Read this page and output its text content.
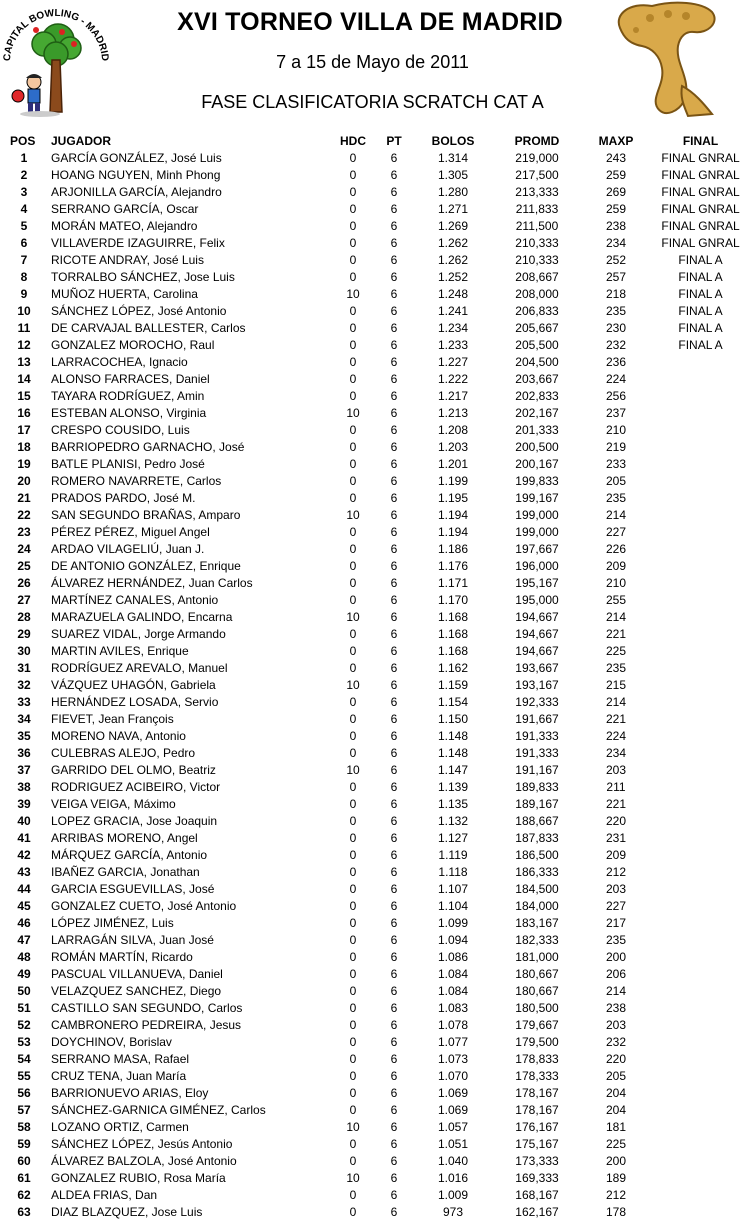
CAPITAL BOWLING - MADRID
XVI TORNEO VILLA DE MADRID
7 a 15 de Mayo de 2011
FASE CLASIFICATORIA SCRATCH CAT A
POS	JUGADOR	HDC	PT	BOLOS	PROMD	MAXP	FINAL
1	GARCÍA GONZÁLEZ, José Luis	0	6	1.314	219,000	243	FINAL GNRAL
2	HOANG NGUYEN, Minh Phong	0	6	1.305	217,500	259	FINAL GNRAL
3	ARJONILLA GARCÍA, Alejandro	0	6	1.280	213,333	269	FINAL GNRAL
4	SERRANO GARCÍA, Oscar	0	6	1.271	211,833	259	FINAL GNRAL
5	MORÁN MATEO, Alejandro	0	6	1.269	211,500	238	FINAL GNRAL
6	VILLAVERDE IZAGUIRRE, Felix	0	6	1.262	210,333	234	FINAL GNRAL
7	RICOTE ANDRAY, José Luis	0	6	1.262	210,333	252	FINAL A
8	TORRALBO SÁNCHEZ, Jose Luis	0	6	1.252	208,667	257	FINAL A
9	MUÑOZ HUERTA, Carolina	10	6	1.248	208,000	218	FINAL A
10	SÁNCHEZ LÓPEZ, José Antonio	0	6	1.241	206,833	235	FINAL A
11	DE CARVAJAL BALLESTER, Carlos	0	6	1.234	205,667	230	FINAL A
12	GONZALEZ MOROCHO, Raul	0	6	1.233	205,500	232	FINAL A
13	LARRACOCHEA, Ignacio	0	6	1.227	204,500	236	
14	ALONSO FARRACES, Daniel	0	6	1.222	203,667	224	
15	TAYARA RODRÍGUEZ, Amin	0	6	1.217	202,833	256	
16	ESTEBAN ALONSO, Virginia	10	6	1.213	202,167	237	
17	CRESPO COUSIDO, Luis	0	6	1.208	201,333	210	
18	BARRIOPEDRO GARNACHO, José	0	6	1.203	200,500	219	
19	BATLE PLANISI, Pedro José	0	6	1.201	200,167	233	
20	ROMERO NAVARRETE, Carlos	0	6	1.199	199,833	205	
21	PRADOS PARDO, José M.	0	6	1.195	199,167	235	
22	SAN SEGUNDO BRAÑAS, Amparo	10	6	1.194	199,000	214	
23	PÉREZ PÉREZ, Miguel Angel	0	6	1.194	199,000	227	
24	ARDAO VILAGELIÚ, Juan J.	0	6	1.186	197,667	226	
25	DE ANTONIO GONZÁLEZ, Enrique	0	6	1.176	196,000	209	
26	ÁLVAREZ HERNÁNDEZ, Juan Carlos	0	6	1.171	195,167	210	
27	MARTÍNEZ CANALES, Antonio	0	6	1.170	195,000	255	
28	MARAZUELA GALINDO, Encarna	10	6	1.168	194,667	214	
29	SUAREZ VIDAL, Jorge Armando	0	6	1.168	194,667	221	
30	MARTIN AVILES, Enrique	0	6	1.168	194,667	225	
31	RODRÍGUEZ AREVALO, Manuel	0	6	1.162	193,667	235	
32	VÁZQUEZ UHAGÓN, Gabriela	10	6	1.159	193,167	215	
33	HERNÁNDEZ LOSADA, Servio	0	6	1.154	192,333	214	
34	FIEVET, Jean François	0	6	1.150	191,667	221	
35	MORENO NAVA, Antonio	0	6	1.148	191,333	224	
36	CULEBRAS ALEJO, Pedro	0	6	1.148	191,333	234	
37	GARRIDO DEL OLMO, Beatriz	10	6	1.147	191,167	203	
38	RODRIGUEZ ACIBEIRO, Victor	0	6	1.139	189,833	211	
39	VEIGA VEIGA, Máximo	0	6	1.135	189,167	221	
40	LOPEZ GRACIA, Jose Joaquin	0	6	1.132	188,667	220	
41	ARRIBAS MORENO, Angel	0	6	1.127	187,833	231	
42	MÁRQUEZ GARCÍA, Antonio	0	6	1.119	186,500	209	
43	IBAÑEZ GARCIA, Jonathan	0	6	1.118	186,333	212	
44	GARCIA ESGUEVILLAS, José	0	6	1.107	184,500	203	
45	GONZALEZ CUETO, José Antonio	0	6	1.104	184,000	227	
46	LÓPEZ JIMÉNEZ, Luis	0	6	1.099	183,167	217	
47	LARRAGÁN SILVA, Juan José	0	6	1.094	182,333	235	
48	ROMÁN MARTÍN, Ricardo	0	6	1.086	181,000	200	
49	PASCUAL VILLANUEVA, Daniel	0	6	1.084	180,667	206	
50	VELAZQUEZ SANCHEZ, Diego	0	6	1.084	180,667	214	
51	CASTILLO SAN SEGUNDO, Carlos	0	6	1.083	180,500	238	
52	CAMBRONERO PEDREIRA, Jesus	0	6	1.078	179,667	203	
53	DOYCHINOV, Borislav	0	6	1.077	179,500	232	
54	SERRANO MASA, Rafael	0	6	1.073	178,833	220	
55	CRUZ TENA, Juan María	0	6	1.070	178,333	205	
56	BARRIONUEVO ARIAS, Eloy	0	6	1.069	178,167	204	
57	SÁNCHEZ-GARNICA GIMÉNEZ, Carlos	0	6	1.069	178,167	204	
58	LOZANO ORTIZ, Carmen	10	6	1.057	176,167	181	
59	SÁNCHEZ LÓPEZ, Jesús Antonio	0	6	1.051	175,167	225	
60	ÁLVAREZ BALZOLA, José Antonio	0	6	1.040	173,333	200	
61	GONZALEZ RUBIO, Rosa María	10	6	1.016	169,333	189	
62	ALDEA FRIAS, Dan	0	6	1.009	168,167	212	
63	DIAZ BLAZQUEZ, Jose Luis	0	6	973	162,167	178	
